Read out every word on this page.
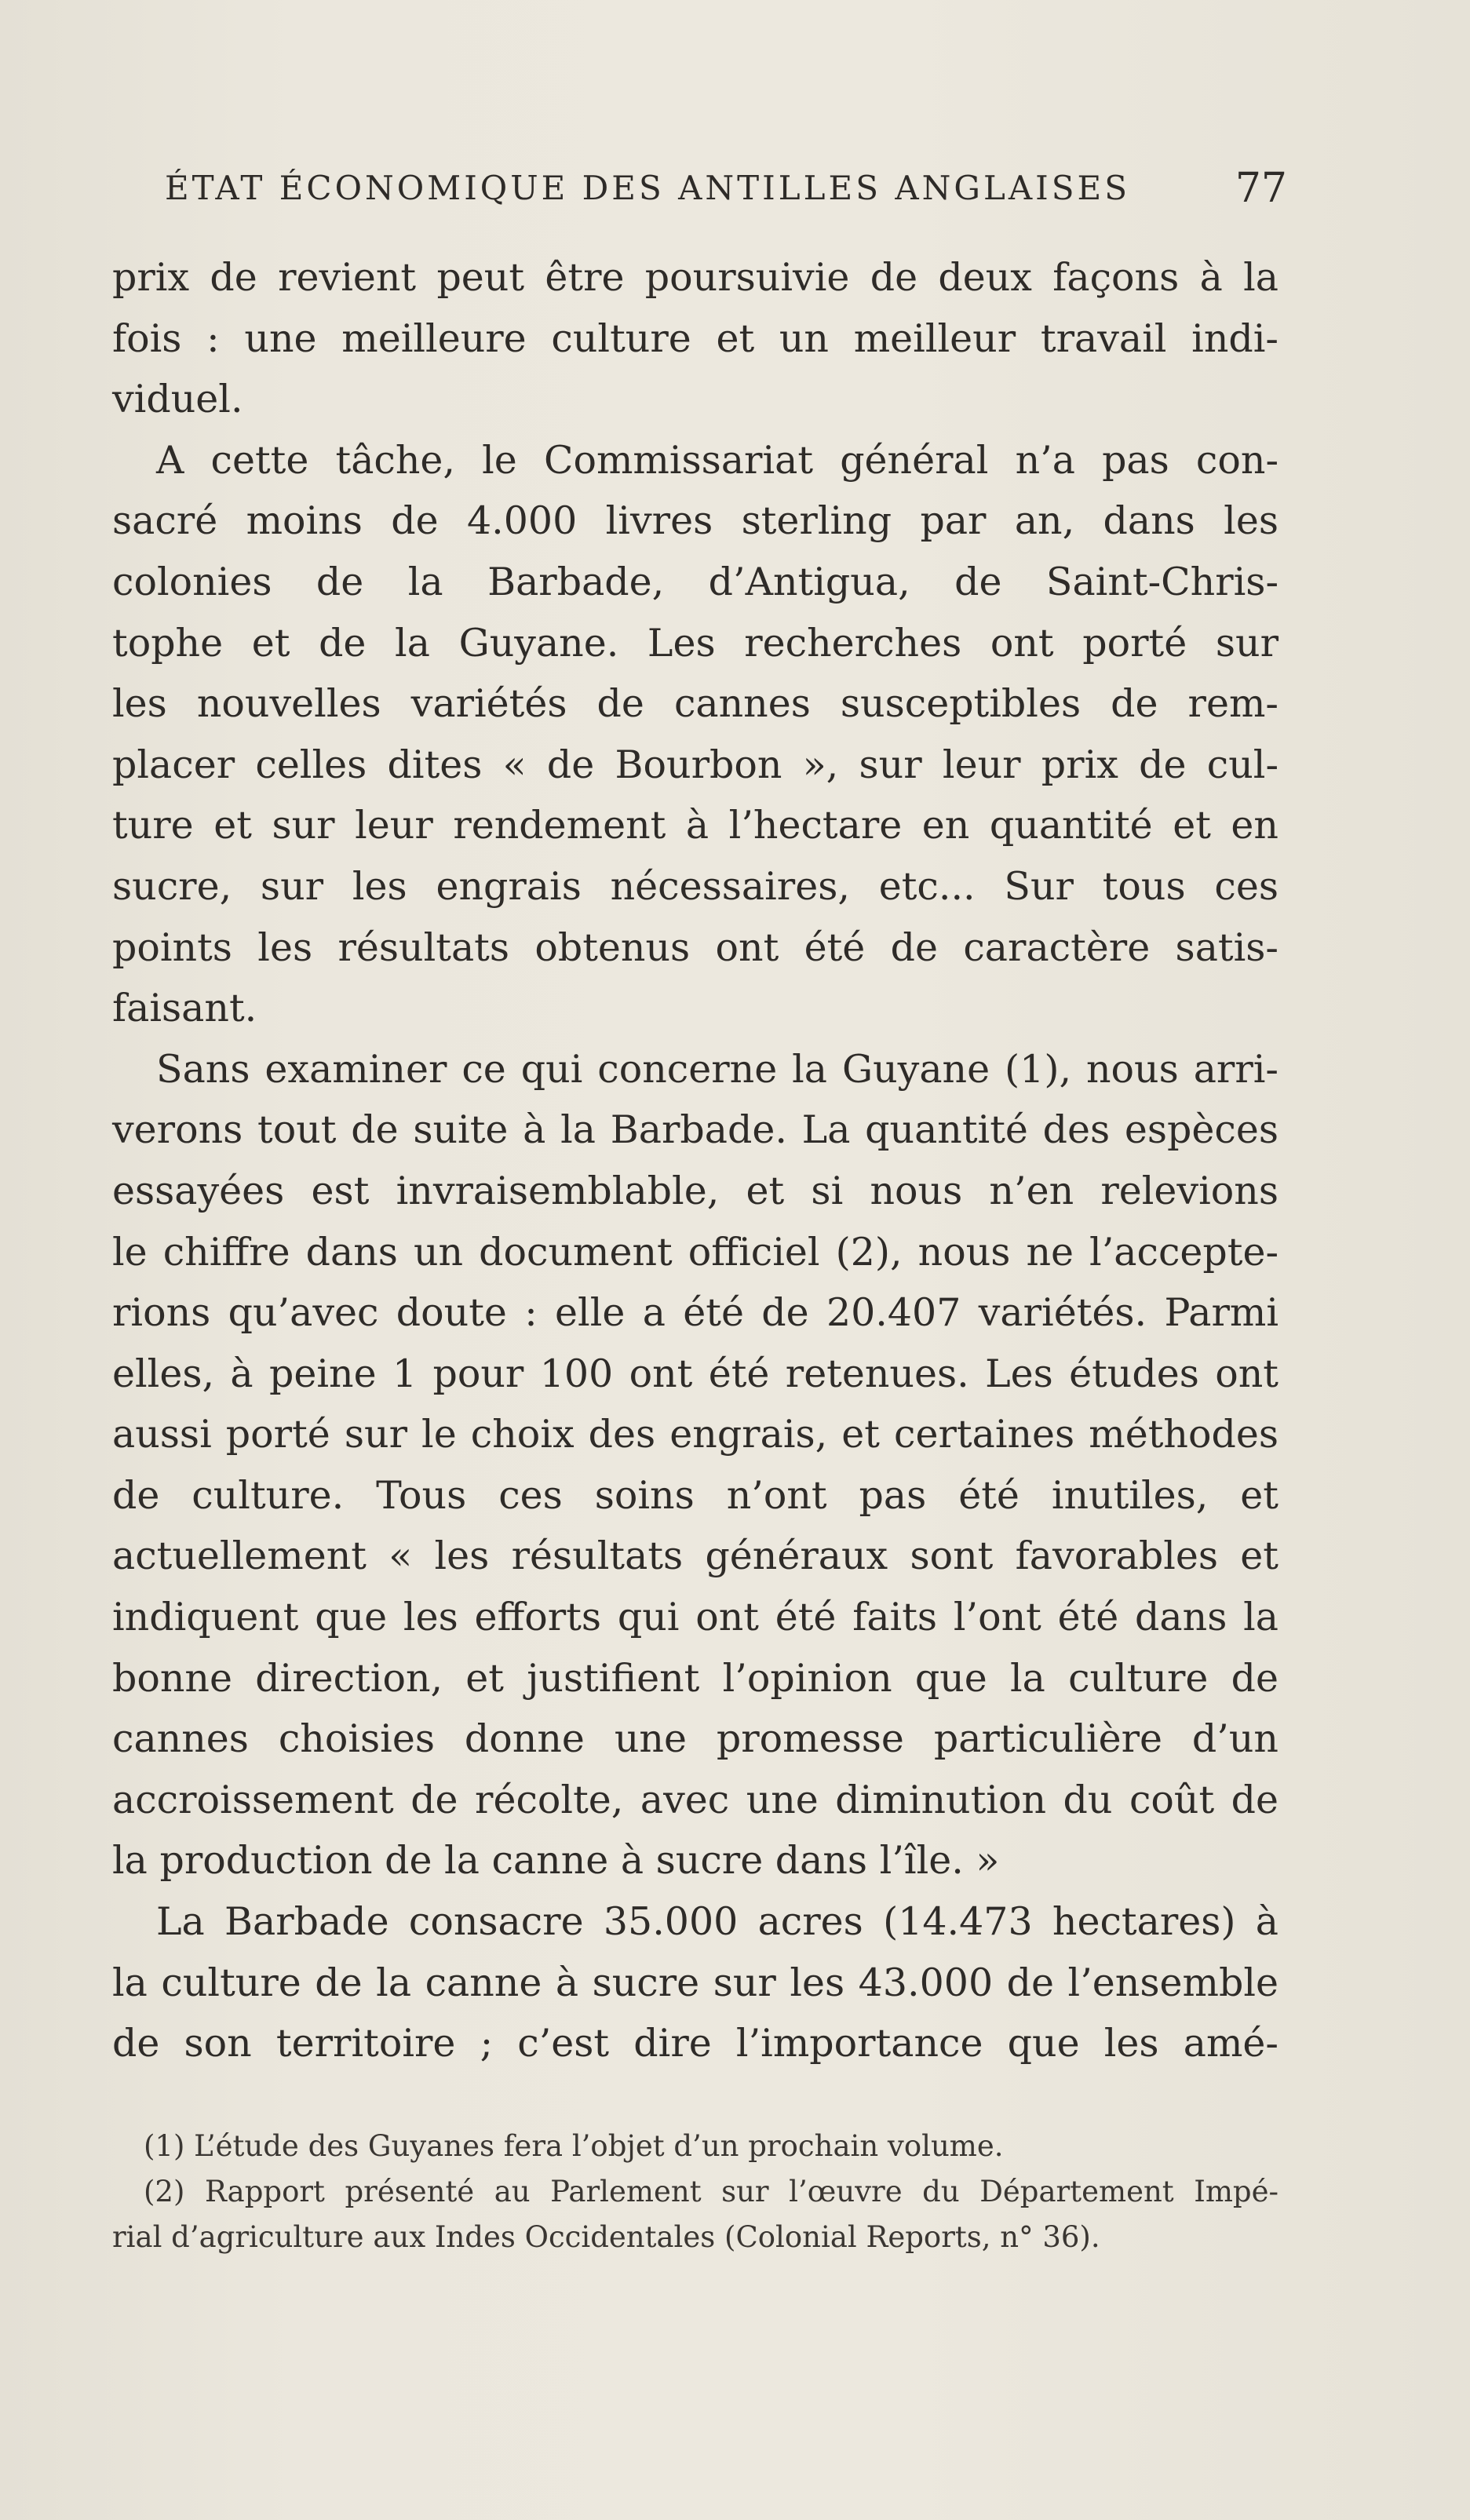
ÉTAT ÉCONOMIQUE DES ANTILLES ANGLAISES	77
prix de revient peut être poursuivie de deux façons à la
fois : une meilleure culture et un meilleur travail indi-
viduel.
A cette tâche, le Commissariat général n’a pas con-
sacré moins de 4.000 livres sterling par an, dans les
colonies de la Barbade, d’Antigua, de Saint-Chris-
tophe et de la Guyane. Les recherches ont porté sur
les nouvelles variétés de cannes susceptibles de rem-
placer celles dites « de Bourbon », sur leur prix de cul-
ture et sur leur rendement à l’hectare en quantité et en
sucre, sur les engrais nécessaires, etc... Sur tous ces
points les résultats obtenus ont été de caractère satis-
faisant.
Sans examiner ce qui concerne la Guyane (1), nous arri-
verons tout de suite à la Barbade. La quantité des espèces
essayées est invraisemblable, et si nous n’en relevions
le chiffre dans un document officiel (2), nous ne l’accepte-
rions qu’avec doute : elle a été de 20.407 variétés. Parmi
elles, à peine 1 pour 100 ont été retenues. Les études ont
aussi porté sur le choix des engrais, et certaines méthodes
de culture. Tous ces soins n’ont pas été inutiles, et
actuellement « les résultats généraux sont favorables et
indiquent que les efforts qui ont été faits l’ont été dans la
bonne direction, et justifient l’opinion que la culture de
cannes choisies donne une promesse particulière d’un
accroissement de récolte, avec une diminution du coût de
la production de la canne à sucre dans l’île. »
La Barbade consacre 35.000 acres (14.473 hectares) à
la culture de la canne à sucre sur les 43.000 de l’ensemble
de son territoire ; c’est dire l’importance que les amé-
(1) L’étude des Guyanes fera l’objet d’un prochain volume.
(2) Rapport présenté au Parlement sur l’œuvre du Département Impé-
rial d’agriculture aux Indes Occidentales (Colonial Reports, n° 36).
